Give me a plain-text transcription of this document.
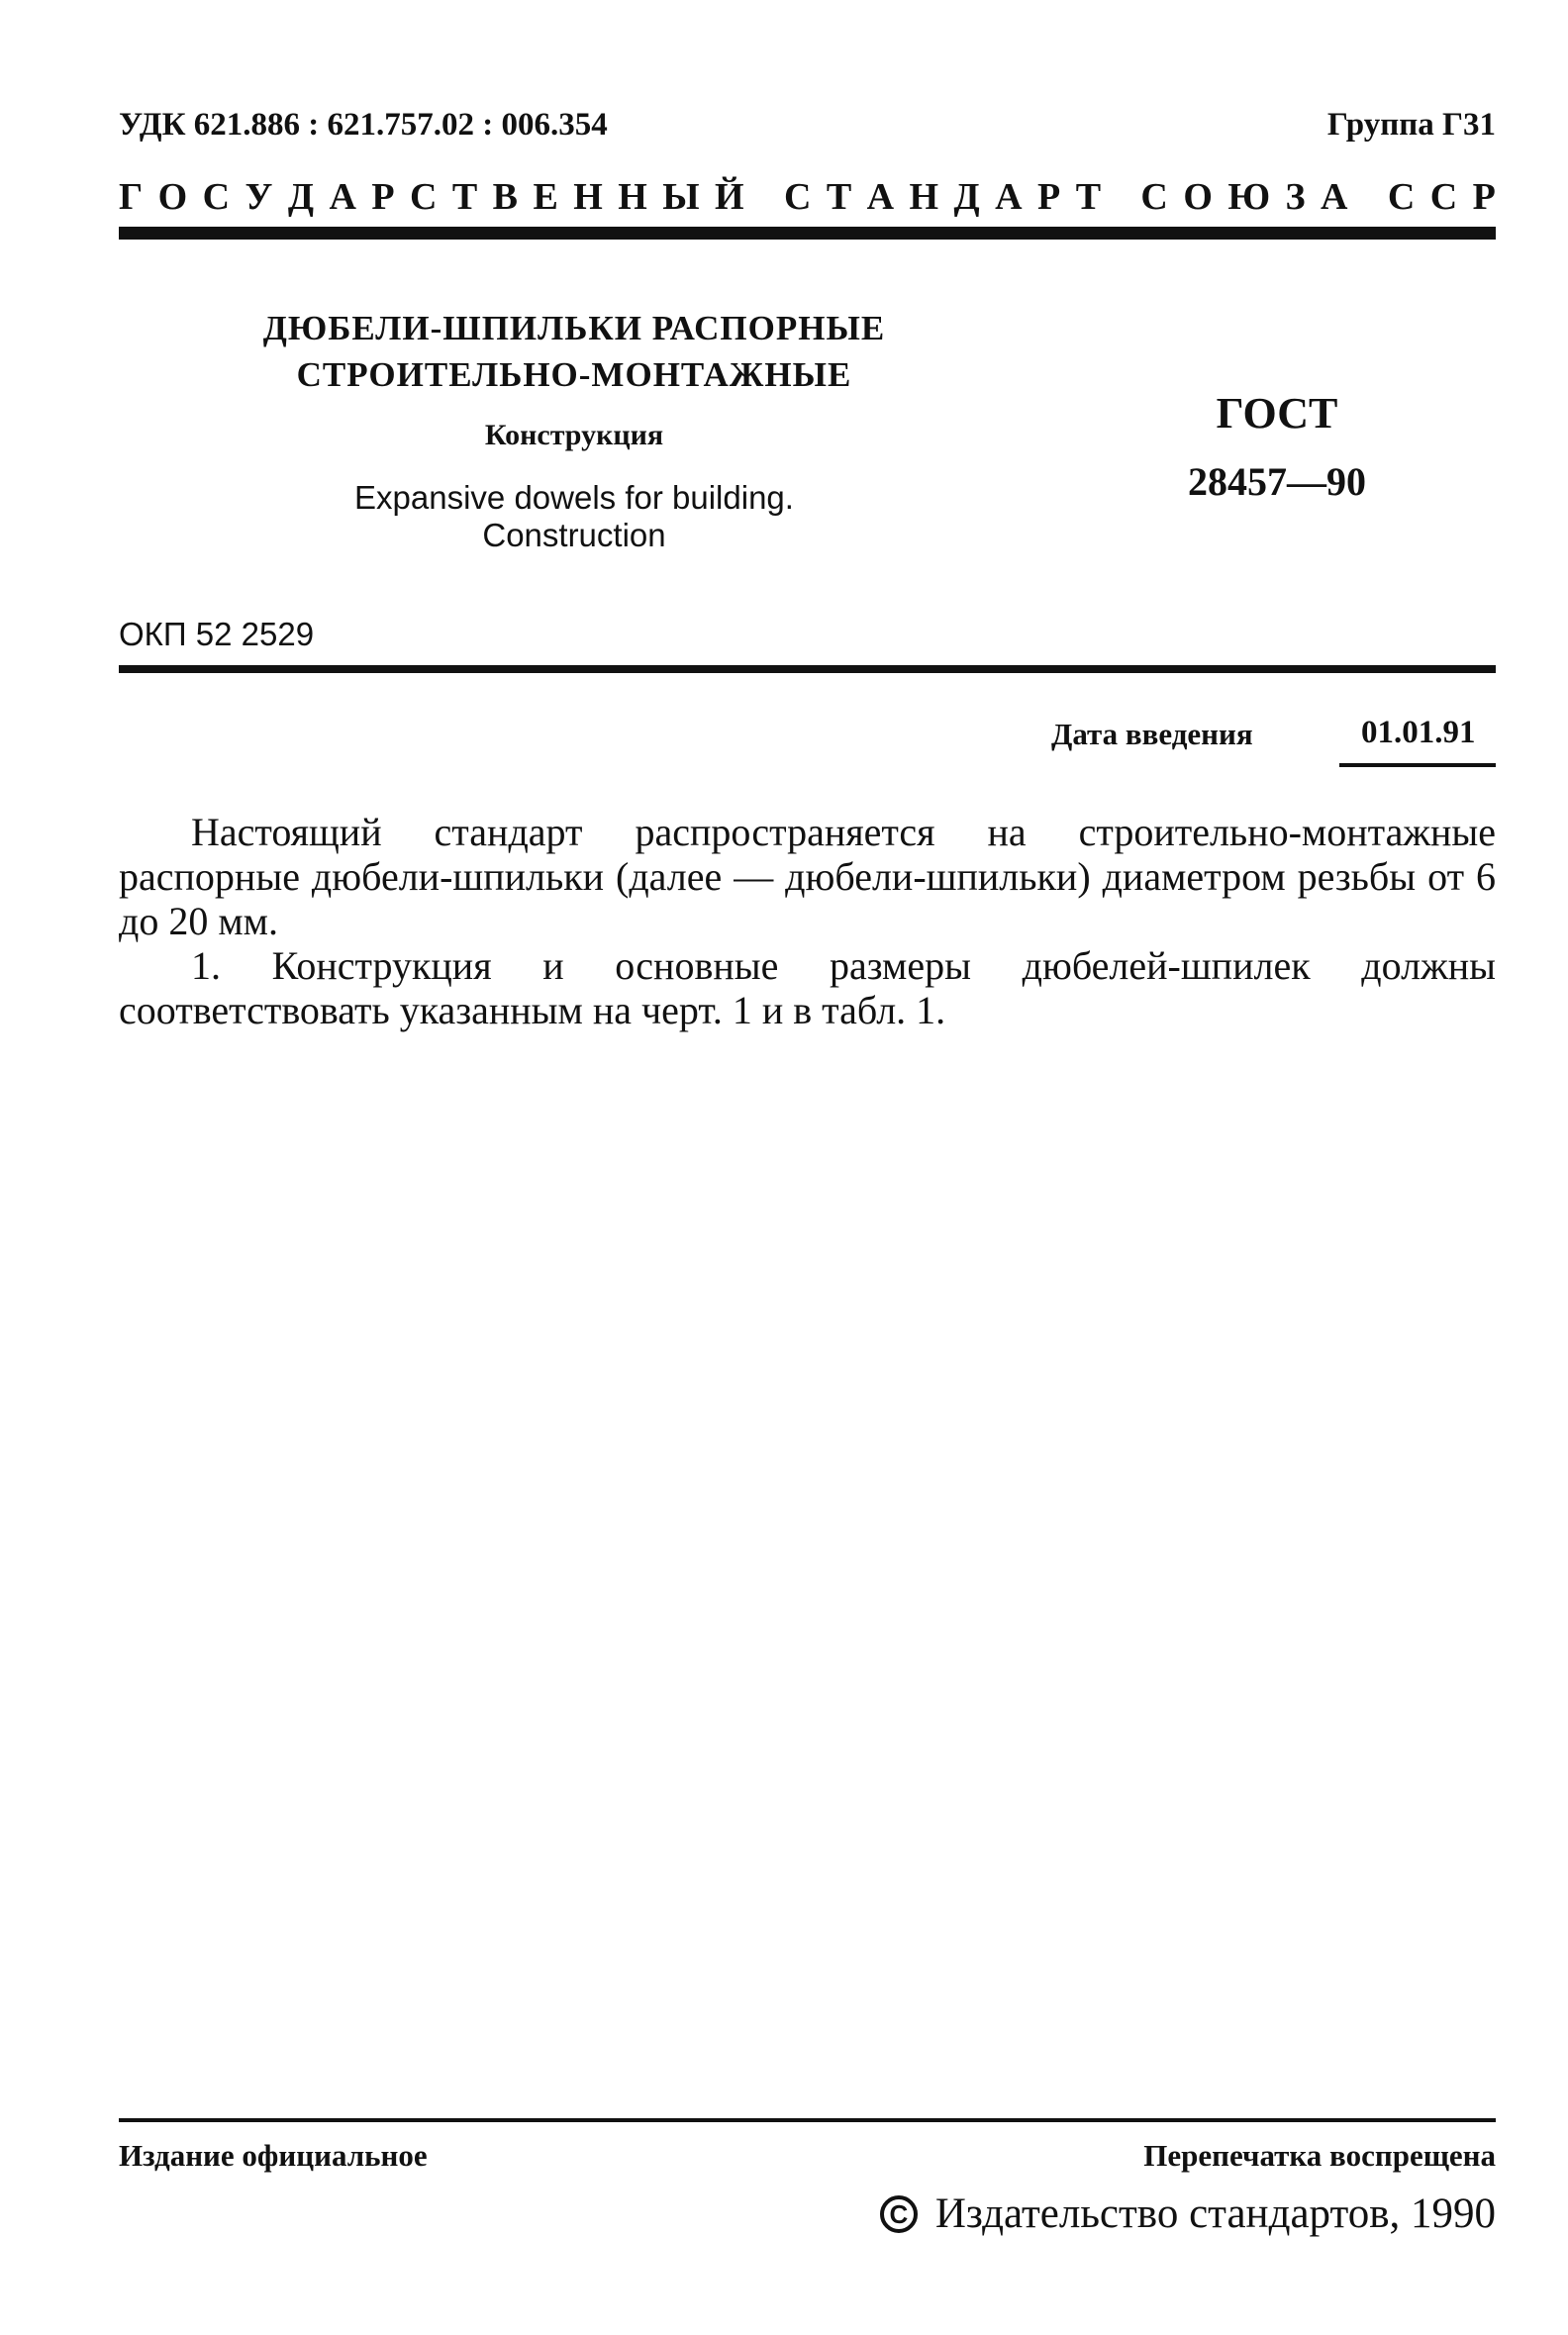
УДК 621.886 : 621.757.02 : 006.354	Группа Г31
Г О С У Д А Р С Т В Е Н Н Ы Й
С Т А Н Д А Р Т
С О Ю З А
С С Р
ДЮБЕЛИ-ШПИЛЬКИ РАСПОРНЫЕ
СТРОИТЕЛЬНО-МОНТАЖНЫЕ
Конструкция
Expansive dowels for building.
Construction
ГОСТ
28457—90
ОКП 52 2529
Дата введения	01.01.91

Настоящий стандарт распространяется на строительно-монтажные распорные дюбели-шпильки (далее — дюбели-шпильки) диаметром резьбы от 6 до 20 мм.

1. Конструкция и основные размеры дюбелей-шпилек должны соответствовать указанным на черт. 1 и в табл. 1.

Издание официальное	Перепечатка воспрещена
C Издательство стандартов, 1990
